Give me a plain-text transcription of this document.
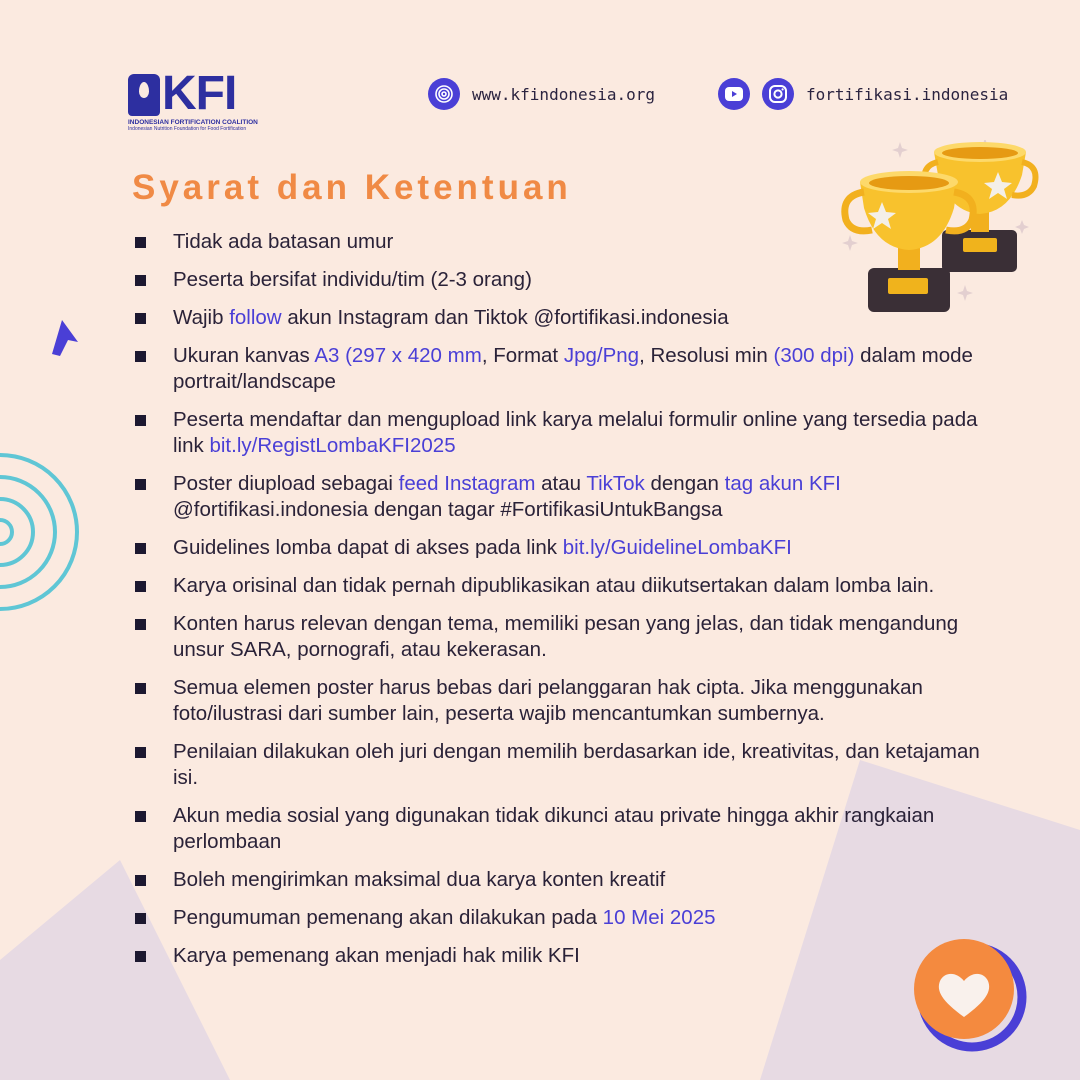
KFI
INDONESIAN FORTIFICATION COALITION
Indonesian Nutrition Foundation for Food Fortification
www.kfindonesia.org	fortifikasi.indonesia
Syarat dan Ketentuan
Tidak ada batasan umur
Peserta bersifat individu/tim (2-3 orang)
Wajib follow akun Instagram dan Tiktok @fortifikasi.indonesia
Ukuran kanvas A3 (297 x 420 mm, Format Jpg/Png, Resolusi min (300 dpi) dalam mode portrait/landscape
Peserta mendaftar dan mengupload link karya melalui formulir online yang tersedia pada link bit.ly/RegistLombaKFI2025
Poster diupload sebagai feed Instagram atau TikTok dengan tag akun KFI @fortifikasi.indonesia dengan tagar #FortifikasiUntukBangsa
Guidelines lomba dapat di akses pada link bit.ly/GuidelineLombaKFI
Karya orisinal dan tidak pernah dipublikasikan atau diikutsertakan dalam lomba lain.
Konten harus relevan dengan tema, memiliki pesan yang jelas, dan tidak mengandung unsur SARA, pornografi, atau kekerasan.
Semua elemen poster harus bebas dari pelanggaran hak cipta. Jika menggunakan foto/ilustrasi dari sumber lain, peserta wajib mencantumkan sumbernya.
Penilaian dilakukan oleh juri dengan memilih berdasarkan ide, kreativitas, dan ketajaman isi.
Akun media sosial yang digunakan tidak dikunci atau private hingga akhir rangkaian perlombaan
Boleh mengirimkan maksimal dua karya konten kreatif
Pengumuman pemenang akan dilakukan pada 10 Mei 2025
Karya pemenang akan menjadi hak milik KFI
